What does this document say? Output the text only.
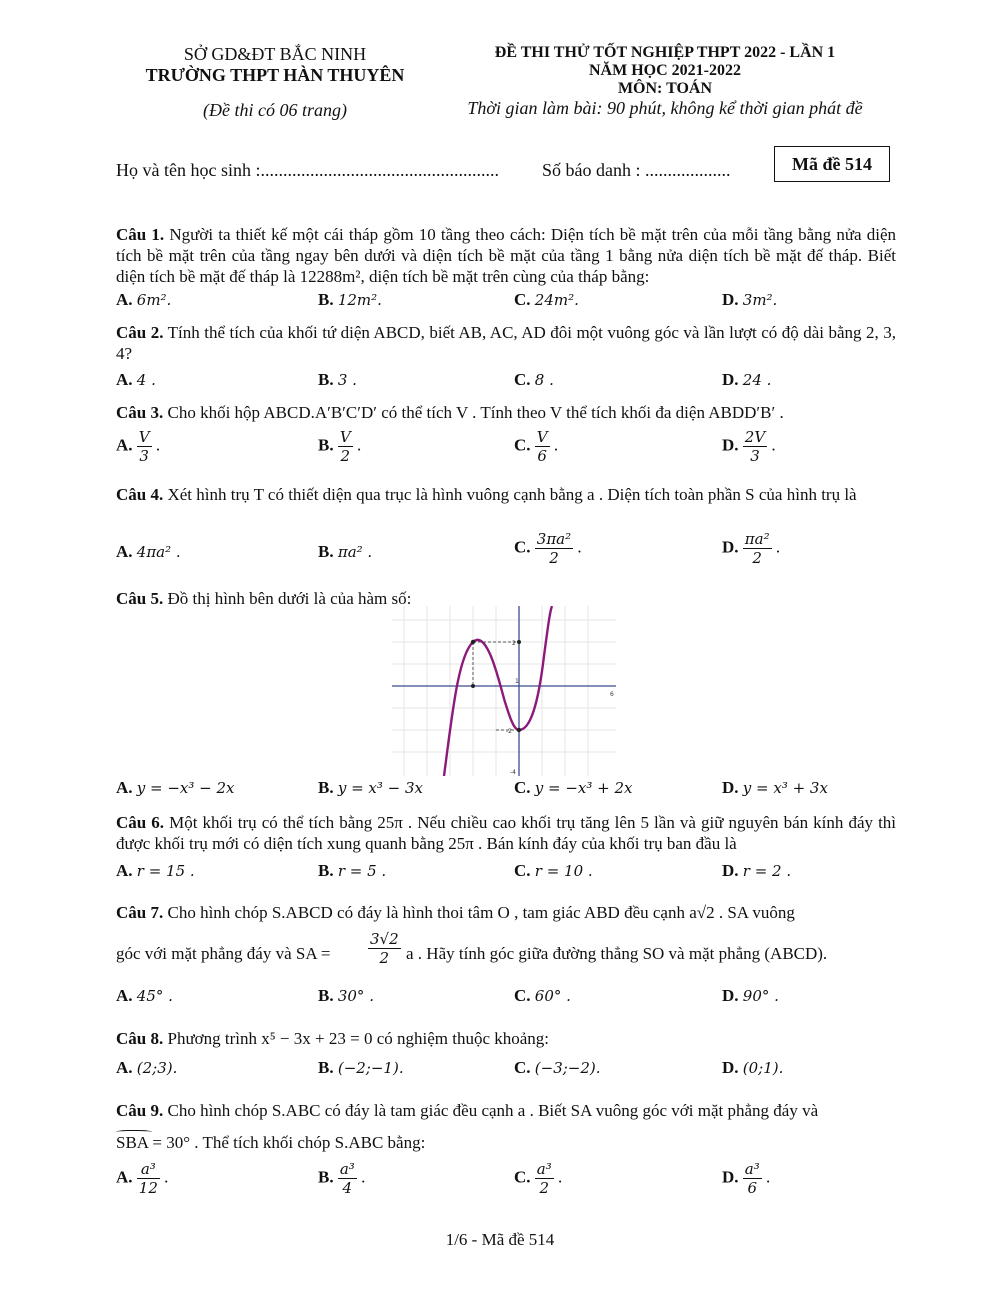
SỞ GD&ĐT BẮC NINH
TRƯỜNG THPT HÀN THUYÊN
(Đề thi có 06 trang)
ĐỀ THI THỬ TỐT NGHIỆP THPT 2022 - LẦN 1
NĂM HỌC 2021-2022
MÔN: TOÁN
Thời gian làm bài: 90 phút, không kể thời gian phát đề
Họ và tên học sinh :..................................................... Số báo danh : ...................	Mã đề 514
Câu 1. Người ta thiết kế một cái tháp gồm 10 tầng theo cách: Diện tích bề mặt trên của mỗi tầng bằng nửa diện tích bề mặt trên của tầng ngay bên dưới và diện tích bề mặt của tầng 1 bằng nửa diện tích bề mặt đế tháp. Biết diện tích bề mặt đế tháp là 12288m², diện tích bề mặt trên cùng của tháp bằng:
A. 6m².	B. 12m².	C. 24m².	D. 3m².
Câu 2. Tính thể tích của khối tứ diện ABCD, biết AB, AC, AD đôi một vuông góc và lần lượt có độ dài bằng 2, 3, 4?
A. 4 .	B. 3 .	C. 8 .	D. 24 .
Câu 3. Cho khối hộp ABCD.A′B′C′D′ có thể tích V . Tính theo V thể tích khối đa diện ABDD′B′ .
A. $\frac{V}{3}$ .	B. $\frac{V}{2}$ .	C. $\frac{V}{6}$ .	D. $\frac{2V}{3}$ .
Câu 4. Xét hình trụ T có thiết diện qua trục là hình vuông cạnh bằng a . Diện tích toàn phần S của hình trụ là
A. 4πa² .	B. πa² .	C. $\frac{\text{3πa²}}{2}$ .	D. $\frac{\text{πa²}}{2}$ .
Câu 5. Đồ thị hình bên dưới là của hàm số:
2
-2
-4
1
6
A. y = −x³ − 2x	B. y = x³ − 3x	C. y = −x³ + 2x	D. y = x³ + 3x
Câu 6. Một khối trụ có thể tích bằng 25π . Nếu chiều cao khối trụ tăng lên 5 lần và giữ nguyên bán kính đáy thì được khối trụ mới có diện tích xung quanh bằng 25π . Bán kính đáy của khối trụ ban đầu là
A. r = 15 .	B. r = 5 .	C. r = 10 .	D. r = 2 .
Câu 7. Cho hình chóp S.ABCD có đáy là hình thoi tâm O , tam giác ABD đều cạnh a√2 . SA vuông
góc với mặt phẳng đáy và SA = $\frac{3√2}{2}$ a . Hãy tính góc giữa đường thẳng SO và mặt phẳng (ABCD).
A. 45° .	B. 30° .	C. 60° .	D. 90° .
Câu 8. Phương trình x⁵ − 3x + 23 = 0 có nghiệm thuộc khoảng:
A. (2;3).	B. (−2;−1).	C. (−3;−2).	D. (0;1).
Câu 9. Cho hình chóp S.ABC có đáy là tam giác đều cạnh a . Biết SA vuông góc với mặt phẳng đáy và
SBA = 30° . Thể tích khối chóp S.ABC bằng:
A. $\frac{\text{a³}}{12}$ .	B. $\frac{\text{a³}}{4}$ .	C. $\frac{\text{a³}}{2}$ .	D. $\frac{\text{a³}}{6}$ .
1/6 - Mã đề 514
